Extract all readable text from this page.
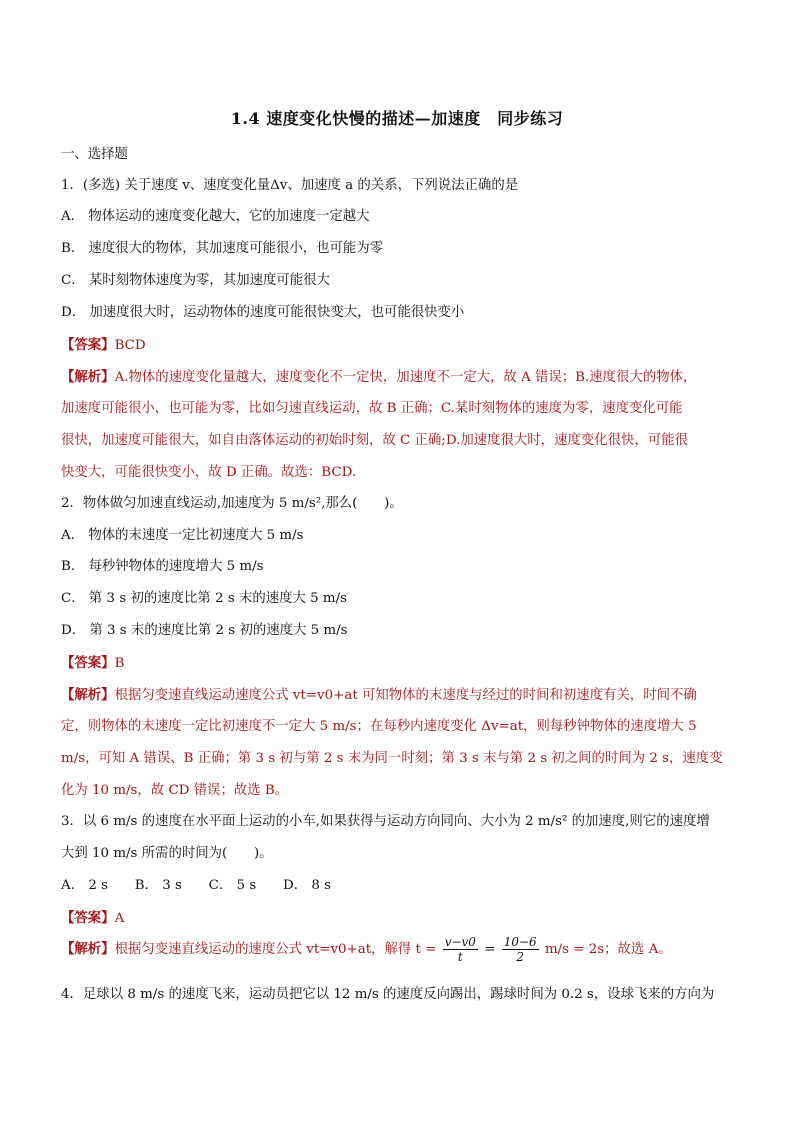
1.4 速度变化快慢的描述—加速度　同步练习
一、选择题
1．(多选) 关于速度 v、速度变化量Δv、加速度 a 的关系，下列说法正确的是
A． 物体运动的速度变化越大，它的加速度一定越大
B． 速度很大的物体，其加速度可能很小，也可能为零
C． 某时刻物体速度为零，其加速度可能很大
D． 加速度很大时，运动物体的速度可能很快变大，也可能很快变小
【答案】BCD
【解析】A.物体的速度变化量越大，速度变化不一定快，加速度不一定大，故 A 错误；B.速度很大的物体，
加速度可能很小，也可能为零，比如匀速直线运动，故 B 正确；C.某时刻物体的速度为零，速度变化可能
很快，加速度可能很大，如自由落体运动的初始时刻，故 C 正确;D.加速度很大时，速度变化很快，可能很
快变大，可能很快变小，故 D 正确。故选：BCD.
2．物体做匀加速直线运动,加速度为 5 m/s²,那么(　　)。
A． 物体的末速度一定比初速度大 5 m/s
B． 每秒钟物体的速度增大 5 m/s
C． 第 3 s 初的速度比第 2 s 末的速度大 5 m/s
D． 第 3 s 末的速度比第 2 s 初的速度大 5 m/s
【答案】B
【解析】根据匀变速直线运动速度公式 vt=v0+at 可知物体的末速度与经过的时间和初速度有关，时间不确
定，则物体的末速度一定比初速度不一定大 5 m/s；在每秒内速度变化 Δv=at，则每秒钟物体的速度增大 5
m/s，可知 A 错误、B 正确；第 3 s 初与第 2 s 末为同一时刻；第 3 s 末与第 2 s 初之间的时间为 2 s，速度变
化为 10 m/s，故 CD 错误；故选 B。
3．以 6 m/s 的速度在水平面上运动的小车,如果获得与运动方向同向、大小为 2 m/s² 的加速度,则它的速度增
大到 10 m/s 所需的时间为(　　)。
A． 2 s　　B． 3 s　　C． 5 s　　D． 8 s
【答案】A
【解析】根据匀变速直线运动的速度公式 vt=v0+at，解得 $t = \frac{v-v0}{t} = \frac{10-6}{2} m/s = 2s$；故选 A。
4．足球以 8 m/s 的速度飞来，运动员把它以 12 m/s 的速度反向踢出，踢球时间为 0.2 s，设球飞来的方向为
